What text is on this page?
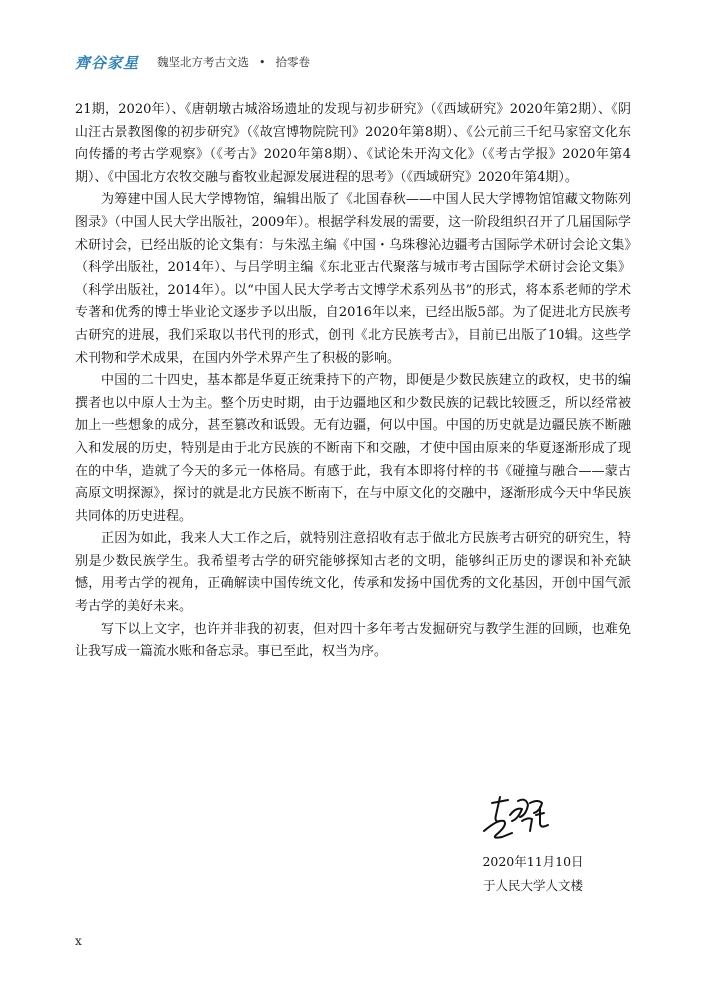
齊谷家星 魏坚北方考古文选 • 拾零卷

21期，2020年）、《唐朝墩古城浴场遗址的发现与初步研究》（《西域研究》2020年第2期）、《阴山汪古景教图像的初步研究》（《故宫博物院院刊》2020年第8期）、《公元前三千纪马家窑文化东向传播的考古学观察》（《考古》2020年第8期）、《试论朱开沟文化》（《考古学报》2020年第4期）、《中国北方农牧交融与畜牧业起源发展进程的思考》（《西域研究》2020年第4期）。

为筹建中国人民大学博物馆，编辑出版了《北国春秋——中国人民大学博物馆馆藏文物陈列图录》（中国人民大学出版社，2009年）。根据学科发展的需要，这一阶段组织召开了几届国际学术研讨会，已经出版的论文集有：与朱泓主编《中国・乌珠穆沁边疆考古国际学术研讨会论文集》（科学出版社，2014年）、与吕学明主编《东北亚古代聚落与城市考古国际学术研讨会论文集》（科学出版社，2014年）。以“中国人民大学考古文博学术系列丛书”的形式，将本系老师的学术专著和优秀的博士毕业论文逐步予以出版，自2016年以来，已经出版5部。为了促进北方民族考古研究的进展，我们采取以书代刊的形式，创刊《北方民族考古》，目前已出版了10辑。这些学术刊物和学术成果，在国内外学术界产生了积极的影响。

中国的二十四史，基本都是华夏正统秉持下的产物，即便是少数民族建立的政权，史书的编撰者也以中原人士为主。整个历史时期，由于边疆地区和少数民族的记载比较匮乏，所以经常被加上一些想象的成分，甚至篡改和诋毁。无有边疆，何以中国。中国的历史就是边疆民族不断融入和发展的历史，特别是由于北方民族的不断南下和交融，才使中国由原来的华夏逐渐形成了现在的中华，造就了今天的多元一体格局。有感于此，我有本即将付梓的书《碰撞与融合——蒙古高原文明探源》，探讨的就是北方民族不断南下，在与中原文化的交融中，逐渐形成今天中华民族共同体的历史进程。

正因为如此，我来人大工作之后，就特别注意招收有志于做北方民族考古研究的研究生，特别是少数民族学生。我希望考古学的研究能够探知古老的文明，能够纠正历史的谬误和补充缺憾，用考古学的视角，正确解读中国传统文化，传承和发扬中国优秀的文化基因，开创中国气派考古学的美好未来。

写下以上文字，也许并非我的初衷，但对四十多年考古发掘研究与教学生涯的回顾，也难免让我写成一篇流水账和备忘录。事已至此，权当为序。

2020年11月10日
于人民大学人文楼
x
